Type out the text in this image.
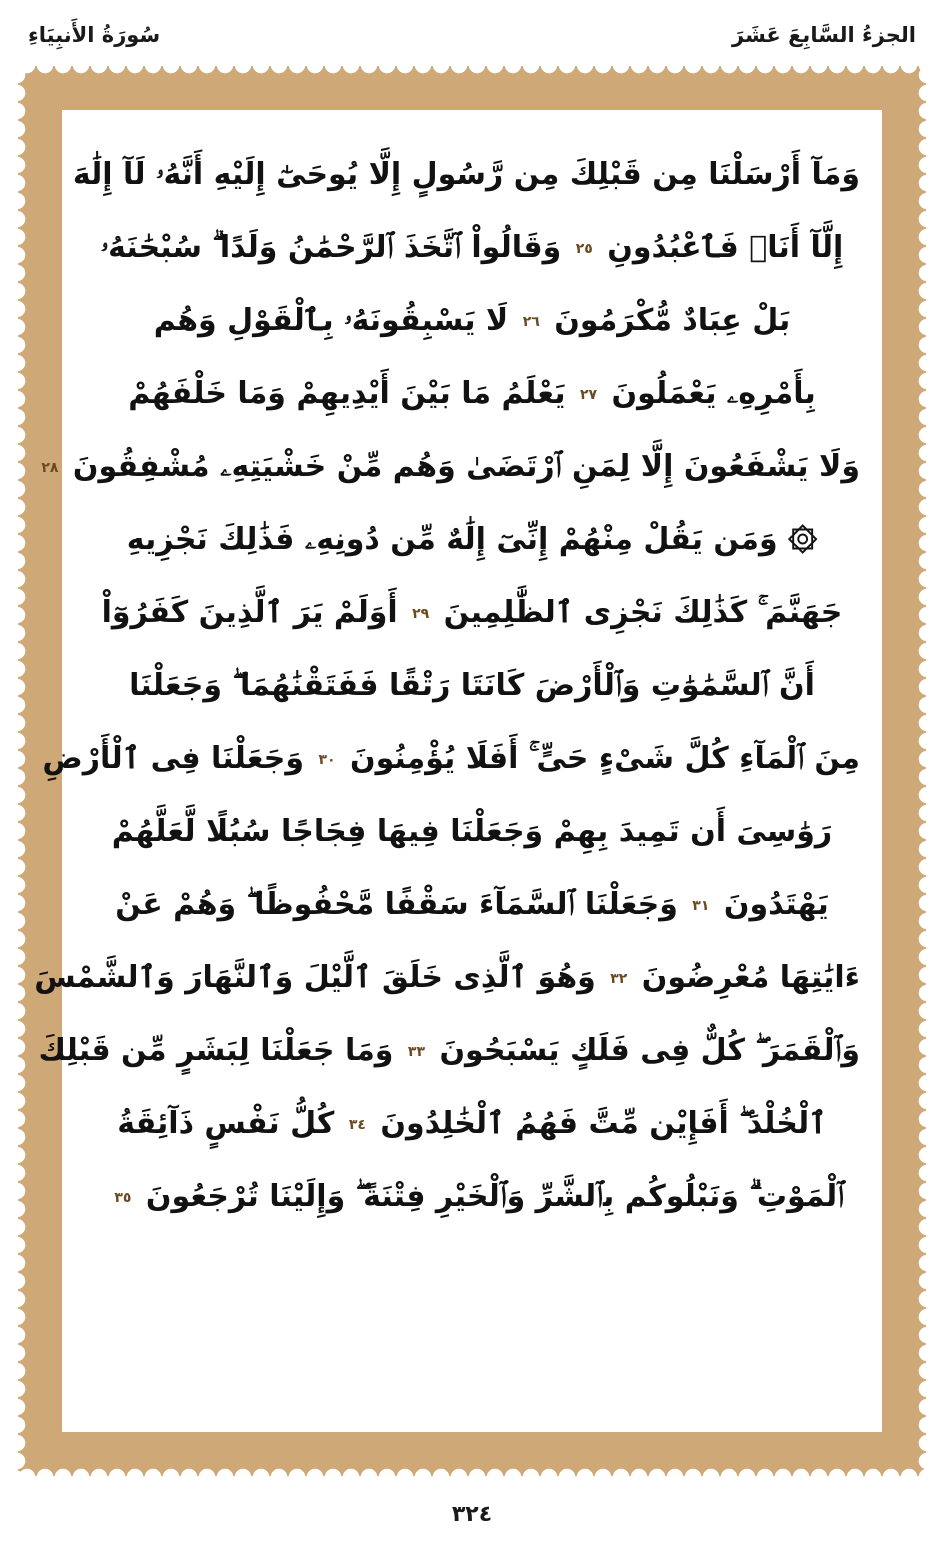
الجزءُ السَّابِعَ عَشَرَ
سُورَةُ الأَنبِيَاءِ
وَمَآ أَرْسَلْنَا مِن قَبْلِكَ مِن رَّسُولٍ إِلَّا يُوحَىٰٓ إِلَيْهِ أَنَّهُۥ لَآ إِلَٰهَ
إِلَّآ أَنَا۠ فَٱعْبُدُونِ٢٥وَقَالُواْ ٱتَّخَذَ ٱلرَّحْمَٰنُ وَلَدًا ۗ سُبْحَٰنَهُۥ
بَلْ عِبَادٌ مُّكْرَمُونَ٢٦لَا يَسْبِقُونَهُۥ بِٱلْقَوْلِ وَهُم
بِأَمْرِهِۦ يَعْمَلُونَ٢٧يَعْلَمُ مَا بَيْنَ أَيْدِيهِمْ وَمَا خَلْفَهُمْ
وَلَا يَشْفَعُونَ إِلَّا لِمَنِ ٱرْتَضَىٰ وَهُم مِّنْ خَشْيَتِهِۦ مُشْفِقُونَ٢٨
۞ وَمَن يَقُلْ مِنْهُمْ إِنِّىٓ إِلَٰهٌ مِّن دُونِهِۦ فَذَٰلِكَ نَجْزِيهِ
جَهَنَّمَ ۚ كَذَٰلِكَ نَجْزِى ٱلظَّٰلِمِينَ٢٩أَوَلَمْ يَرَ ٱلَّذِينَ كَفَرُوٓاْ
أَنَّ ٱلسَّمَٰوَٰتِ وَٱلْأَرْضَ كَانَتَا رَتْقًا فَفَتَقْنَٰهُمَا ۖ وَجَعَلْنَا
مِنَ ٱلْمَآءِ كُلَّ شَىْءٍ حَىٍّ ۚ أَفَلَا يُؤْمِنُونَ٣٠وَجَعَلْنَا فِى ٱلْأَرْضِ
رَوَٰسِىَ أَن تَمِيدَ بِهِمْ وَجَعَلْنَا فِيهَا فِجَاجًا سُبُلًا لَّعَلَّهُمْ
يَهْتَدُونَ٣١وَجَعَلْنَا ٱلسَّمَآءَ سَقْفًا مَّحْفُوظًا ۖ وَهُمْ عَنْ
ءَايَٰتِهَا مُعْرِضُونَ٣٢وَهُوَ ٱلَّذِى خَلَقَ ٱلَّيْلَ وَٱلنَّهَارَ وَٱلشَّمْسَ
وَٱلْقَمَرَ ۖ كُلٌّ فِى فَلَكٍ يَسْبَحُونَ٣٣وَمَا جَعَلْنَا لِبَشَرٍ مِّن قَبْلِكَ
ٱلْخُلْدَ ۖ أَفَإِيْن مِّتَّ فَهُمُ ٱلْخَٰلِدُونَ٣٤كُلُّ نَفْسٍ ذَآئِقَةُ
ٱلْمَوْتِ ۗ وَنَبْلُوكُم بِٱلشَّرِّ وَٱلْخَيْرِ فِتْنَةً ۖ وَإِلَيْنَا تُرْجَعُونَ٣٥
٣٢٤
